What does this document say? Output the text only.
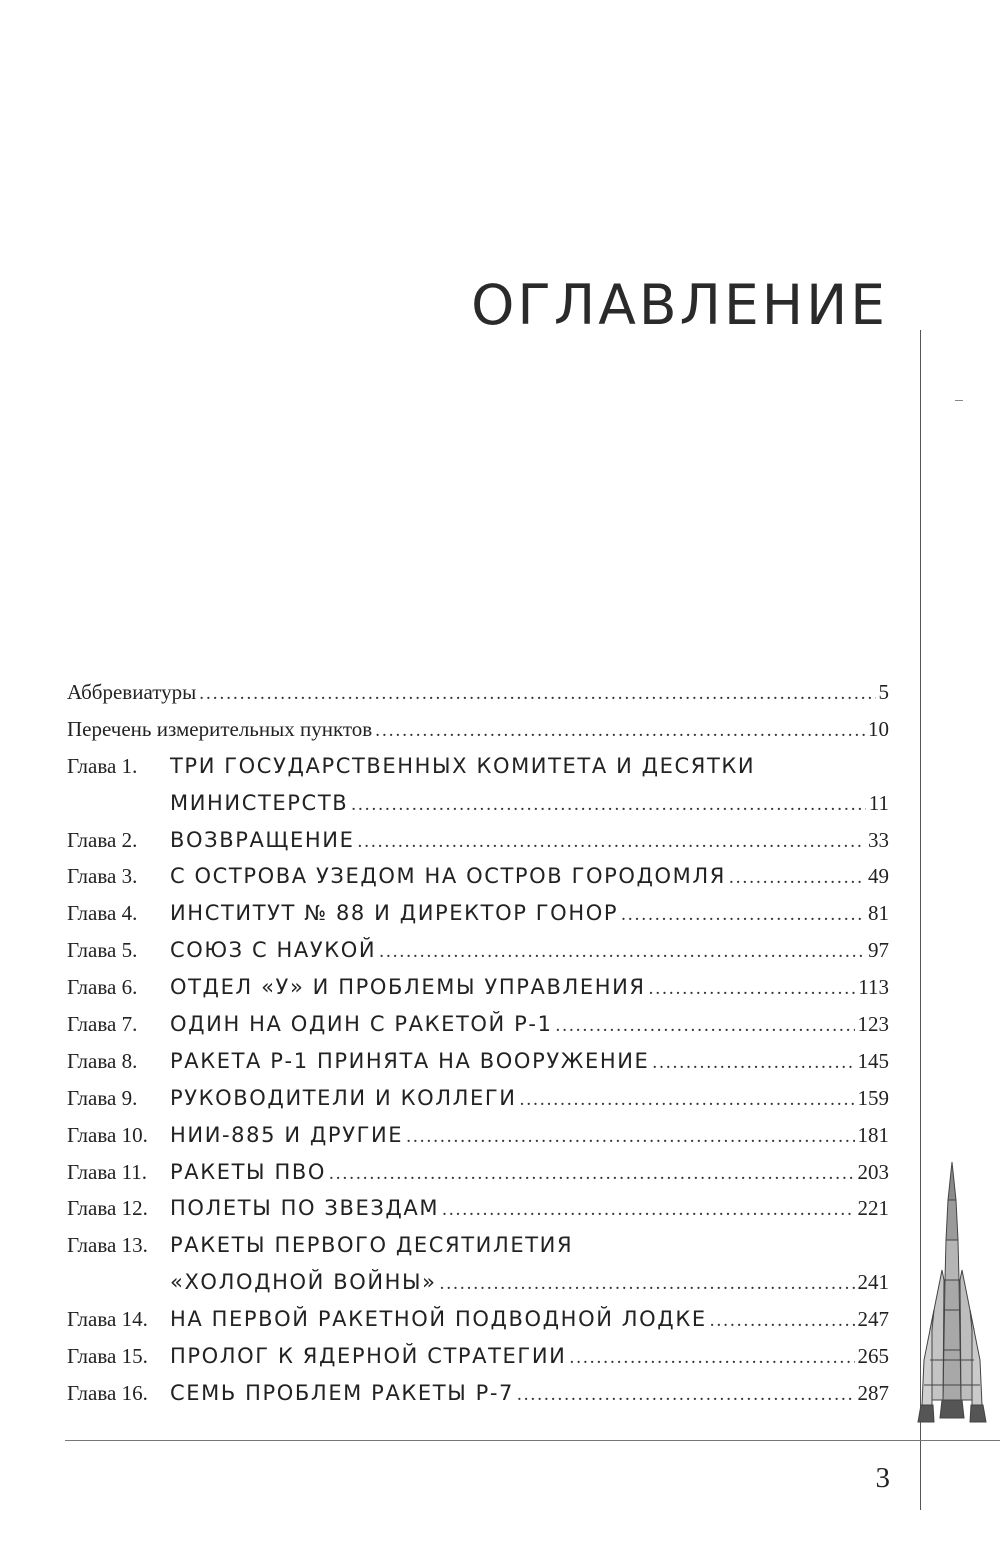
ОГЛАВЛЕНИЕ
Аббревиатуры .....	5
Перечень измерительных пунктов .....	10
Глава 1.	ТРИ ГОСУДАРСТВЕННЫХ КОМИТЕТА И ДЕСЯТКИ
МИНИСТЕРСТВ .....	11
Глава 2.	ВОЗВРАЩЕНИЕ .....	33
Глава 3.	С ОСТРОВА УЗЕДОМ НА ОСТРОВ ГОРОДОМЛЯ .....	49
Глава 4.	ИНСТИТУТ № 88 И ДИРЕКТОР ГОНОР .....	81
Глава 5.	СОЮЗ С НАУКОЙ .....	97
Глава 6.	ОТДЕЛ «У» И ПРОБЛЕМЫ УПРАВЛЕНИЯ .....	113
Глава 7.	ОДИН НА ОДИН С РАКЕТОЙ Р-1 .....	123
Глава 8.	РАКЕТА Р-1 ПРИНЯТА НА ВООРУЖЕНИЕ .....	145
Глава 9.	РУКОВОДИТЕЛИ И КОЛЛЕГИ .....	159
Глава 10.	НИИ-885 И ДРУГИЕ .....	181
Глава 11.	РАКЕТЫ ПВО .....	203
Глава 12.	ПОЛЕТЫ ПО ЗВЕЗДАМ .....	221
Глава 13.	РАКЕТЫ ПЕРВОГО ДЕСЯТИЛЕТИЯ
«ХОЛОДНОЙ ВОЙНЫ» .....	241
Глава 14.	НА ПЕРВОЙ РАКЕТНОЙ ПОДВОДНОЙ ЛОДКЕ .....	247
Глава 15.	ПРОЛОГ К ЯДЕРНОЙ СТРАТЕГИИ .....	265
Глава 16.	СЕМЬ ПРОБЛЕМ РАКЕТЫ Р-7 .....	287
3
